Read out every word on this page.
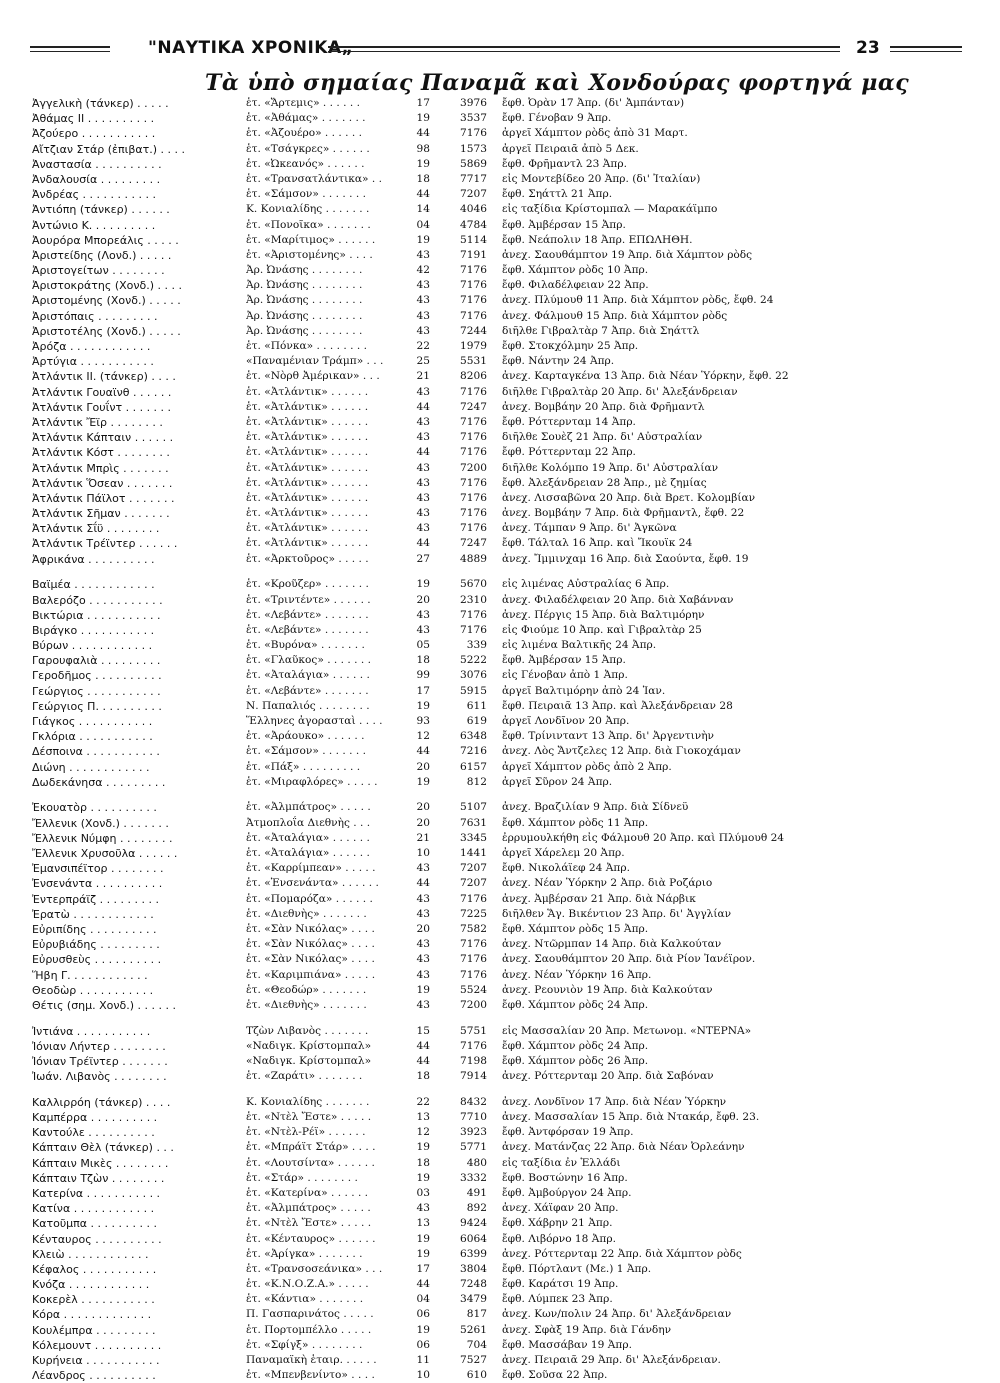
"ΝΑΥΤΙΚΑ ΧΡΟΝΙΚΑ„	23
Τὰ ὑπὸ σημαίας Παναμᾶ καὶ Χονδούρας φορτηγά μας
Ἀγγελικὴ (τάνκερ) . . . . .	ἑτ. «Ἄρτεμις» . . . . . .	17	3976 ἔφθ. Ὀρὰν 17 Ἀπρ. (δι' Ἀμπάνταν)
Ἀθάμας ΙΙ . . . . . . . . . .	ἑτ. «Ἀθάμας» . . . . . . .	19	3537 ἔφθ. Γένοβαν 9 Ἀπρ.
Ἀζούερο . . . . . . . . . . .	ἑτ. «Ἀζουέρο» . . . . . .	44	7176 ἀργεῖ Χάμπτον ρὸδς ἀπὸ 31 Μαρτ.
Αἴτζιαν Στάρ (ἐπιβατ.) . . . .	ἑτ. «Τσάγκρες» . . . . . .	98	1573 ἀργεῖ Πειραιᾶ ἀπὸ 5 Δεκ.
Ἀναστασία . . . . . . . . . .	ἑτ. «Ὠκεανός» . . . . . .	19	5869 ἔφθ. Φρῆμαντλ 23 Ἀπρ.
Ἀνδαλουσία . . . . . . . . .	ἑτ. «Τρανσατλάντικα» . .	18	7717 εἰς Μοντεβίδεο 20 Ἀπρ. (δι' Ἰταλίαν)
Ἀνδρέας . . . . . . . . . . .	ἑτ. «Σάμσον» . . . . . . .	44	7207 ἔφθ. Σηάττλ 21 Ἀπρ.
Ἀντιόπη (τάνκερ) . . . . . .	Κ. Κονιαλίδης . . . . . . .	14	4046 εἰς ταξίδια Κρίστομπαλ — Μαρακάϊμπο
Ἀντώνιο Κ. . . . . . . . . .	ἑτ. «Πονοῖκα» . . . . . . .	04	4784 ἔφθ. Ἀμβέρσαν 15 Ἀπρ.
Ἀουρόρα Μπορεάλις . . . . .	ἑτ. «Μαρίτιμος» . . . . . .	19	5114 ἔφθ. Νεάπολιν 18 Ἀπρ. ΕΠΩΛΗΘΗ.
Ἀριστείδης (Λονδ.) . . . . .	ἑτ. «Ἀριστομένης» . . . .	43	7191 ἀνεχ. Σαουθάμπτον 19 Ἀπρ. διὰ Χάμπτον ρὸδς
Ἀριστογείτων . . . . . . . .	Ἀρ. Ὠνάσης . . . . . . . .	42	7176 ἔφθ. Χάμπτον ρὸδς 10 Ἀπρ.
Ἀριστοκράτης (Χονδ.) . . . .	Ἀρ. Ὠνάσης . . . . . . . .	43	7176 ἔφθ. Φιλαδέλφειαν 22 Ἀπρ.
Ἀριστομένης (Χονδ.) . . . . .	Ἀρ. Ὠνάσης . . . . . . . .	43	7176 ἀνεχ. Πλύμουθ 11 Ἀπρ. διὰ Χάμπτον ρὸδς, ἔφθ. 24
Ἀριστόπαις . . . . . . . . .	Ἀρ. Ὠνάσης . . . . . . . .	43	7176 ἀνεχ. Φάλμουθ 15 Ἀπρ. διὰ Χάμπτον ρὸδς
Ἀριστοτέλης (Χονδ.) . . . . .	Ἀρ. Ὠνάσης . . . . . . . .	43	7244 διῆλθε Γιβραλτὰρ 7 Ἀπρ. διὰ Σηάττλ
Ἀρόζα . . . . . . . . . . . .	ἑτ. «Πόνκα» . . . . . . . .	22	1979 ἔφθ. Στοκχόλμην 25 Ἀπρ.
Ἀρτύγια . . . . . . . . . . .	«Παναμένιαν Τράμπ» . . .	25	5531 ἔφθ. Νάντην 24 Ἀπρ.
Ἀτλάντικ ΙΙ. (τάνκερ) . . . .	ἑτ. «Νὸρθ Ἀμέρικαν» . . .	21	8206 ἀνεχ. Καρταγκένα 13 Ἀπρ. διὰ Νέαν Ὑόρκην, ἔφθ. 22
Ἀτλάντικ Γουαϊνθ . . . . . .	ἑτ. «Ἀτλάντικ» . . . . . .	43	7176 διῆλθε Γιβραλτὰρ 20 Ἀπρ. δι' Ἀλεξάνδρειαν
Ἀτλάντικ Γουΐντ . . . . . . .	ἑτ. «Ἀτλάντικ» . . . . . .	44	7247 ἀνεχ. Βομβάην 20 Ἀπρ. διὰ Φρῆμαντλ
Ἀτλάντικ Ἔϊρ . . . . . . . .	ἑτ. «Ἀτλάντικ» . . . . . .	43	7176 ἔφθ. Ρόττερνταμ 14 Ἀπρ.
Ἀτλάντικ Κάπταιν . . . . . .	ἑτ. «Ἀτλάντικ» . . . . . .	43	7176 διῆλθε Σουὲζ 21 Ἀπρ. δι' Αὐστραλίαν
Ἀτλάντικ Κόστ . . . . . . . .	ἑτ. «Ἀτλάντικ» . . . . . .	44	7176 ἔφθ. Ρόττερνταμ 22 Ἀπρ.
Ἀτλάντικ Μπρὶς . . . . . . .	ἑτ. «Ἀτλάντικ» . . . . . .	43	7200 διῆλθε Κολόμπο 19 Ἀπρ. δι' Αὐστραλίαν
Ἀτλάντικ Ὅσεαν . . . . . . .	ἑτ. «Ἀτλάντικ» . . . . . .	43	7176 ἔφθ. Ἀλεξάνδρειαν 28 Ἀπρ., μὲ ζημίας
Ἀτλάντικ Πάϊλοτ . . . . . . .	ἑτ. «Ἀτλάντικ» . . . . . .	43	7176 ἀνεχ. Λισσαβῶνα 20 Ἀπρ. διὰ Βρετ. Κολομβίαν
Ἀτλάντικ Σῆμαν . . . . . . .	ἑτ. «Ἀτλάντικ» . . . . . .	43	7176 ἀνεχ. Βομβάην 7 Ἀπρ. διὰ Φρῆμαντλ, ἔφθ. 22
Ἀτλάντικ Σΐϋ . . . . . . . .	ἑτ. «Ἀτλάντικ» . . . . . .	43	7176 ἀνεχ. Τάμπαν 9 Ἀπρ. δι' Ἀγκῶνα
Ἀτλάντικ Τρέϊντερ . . . . . .	ἑτ. «Ἀτλάντικ» . . . . . .	44	7247 ἔφθ. Τάλταλ 16 Ἀπρ. καὶ Ἴκουϊκ 24
Ἀφρικάνα . . . . . . . . . .	ἑτ. «Ἀρκτοῦρος» . . . . .	27	4889 ἀνεχ. Ἴμμινχαμ 16 Ἀπρ. διὰ Σαούντα, ἔφθ. 19
Βαϊμέα . . . . . . . . . . . .	ἑτ. «Κροῦζερ» . . . . . . .	19	5670 εἰς λιμένας Αὐστραλίας 6 Ἀπρ.
Βαλερόζο . . . . . . . . . . .	ἑτ. «Τριντέντε» . . . . . .	20	2310 ἀνεχ. Φιλαδέλφειαν 20 Ἀπρ. διὰ Χαβάνναν
Βικτώρια . . . . . . . . . . .	ἑτ. «Λεβάντε» . . . . . . .	43	7176 ἀνεχ. Πέργις 15 Ἀπρ. διὰ Βαλτιμόρην
Βιράγκο . . . . . . . . . . .	ἑτ. «Λεβάντε» . . . . . . .	43	7176 εἰς Φιούμε 10 Ἀπρ. καὶ Γιβραλτὰρ 25
Βύρων . . . . . . . . . . . .	ἑτ. «Βυρόνα» . . . . . . .	05	339 εἰς λιμένα Βαλτικῆς 24 Ἀπρ.
Γαρουφαλιὰ . . . . . . . . .	ἑτ. «Γλαῦκος» . . . . . . .	18	5222 ἔφθ. Ἀμβέρσαν 15 Ἀπρ.
Γεροδῆμος . . . . . . . . . .	ἑτ. «Ἀταλάγια» . . . . . .	99	3076 εἰς Γένοβαν ἀπὸ 1 Ἀπρ.
Γεώργιος . . . . . . . . . . .	ἑτ. «Λεβάντε» . . . . . . .	17	5915 ἀργεῖ Βαλτιμόρην ἀπὸ 24 Ἰαν.
Γεώργιος Π. . . . . . . . . .	Ν. Παπαλιός . . . . . . . .	19	611 ἔφθ. Πειραιᾶ 13 Ἀπρ. καὶ Ἀλεξάνδρειαν 28
Γιάγκος . . . . . . . . . . .	Ἕλληνες ἀγορασταὶ . . . .	93	619 ἀργεῖ Λονδῖνον 20 Ἀπρ.
Γκλόρια . . . . . . . . . . .	ἑτ. «Ἀράουκο» . . . . . .	12	6348 ἔφθ. Τρίνινταντ 13 Ἀπρ. δι' Ἀργεντινὴν
Δέσποινα . . . . . . . . . . .	ἑτ. «Σάμσον» . . . . . . .	44	7216 ἀνεχ. Λὸς Ἄντζελες 12 Ἀπρ. διὰ Γιοκοχάμαν
Διώνη . . . . . . . . . . . .	ἑτ. «Πάξ» . . . . . . . . .	20	6157 ἀργεῖ Χάμπτον ρὸδς ἀπὸ 2 Ἀπρ.
Δωδεκάνησα . . . . . . . . .	ἑτ. «Μιραφλόρες» . . . . .	19	812 ἀργεῖ Σῦρον 24 Ἀπρ.
Ἐκουατὸρ . . . . . . . . . .	ἑτ. «Ἀλμπάτρος» . . . . .	20	5107 ἀνεχ. Βραζιλίαν 9 Ἀπρ. διὰ Σίδνεϋ
Ἔλλενικ (Χονδ.) . . . . . . .	Ἀτμοπλοΐα Διεθνὴς . . .	20	7631 ἔφθ. Χάμπτον ρὸδς 11 Ἀπρ.
Ἔλλενικ Νύμφη . . . . . . . .	ἑτ. «Ἀταλάγια» . . . . . .	21	3345 ἐρρυμουλκήθη εἰς Φάλμουθ 20 Ἀπρ. καὶ Πλύμουθ 24
Ἔλλενικ Χρυσοῦλα . . . . . .	ἑτ. «Ἀταλάγια» . . . . . .	10	1441 ἀργεῖ Χάρελεμ 20 Ἀπρ.
Ἐμανσιπέϊτορ . . . . . . . .	ἑτ. «Καρρίμπεαν» . . . . .	43	7207 ἔφθ. Νικολάϊεφ 24 Ἀπρ.
Ἐνσενάντα . . . . . . . . . .	ἑτ. «Ἐνσενάντα» . . . . . .	44	7207 ἀνεχ. Νέαν Ὑόρκην 2 Ἀπρ. διὰ Ροζάριο
Ἐντερπράϊζ . . . . . . . . .	ἑτ. «Πομαρόζα» . . . . . .	43	7176 ἀνεχ. Ἀμβέρσαν 21 Ἀπρ. διὰ Νάρβικ
Ἐρατὼ . . . . . . . . . . . .	ἑτ. «Διεθνὴς» . . . . . . .	43	7225 διῆλθεν Ἅγ. Βικέντιον 23 Ἀπρ. δι' Ἀγγλίαν
Εὐριπίδης . . . . . . . . . .	ἑτ. «Σὰν Νικόλας» . . . .	20	7582 ἔφθ. Χάμπτον ρὸδς 15 Ἀπρ.
Εὐρυβιάδης . . . . . . . . .	ἑτ. «Σὰν Νικόλας» . . . .	43	7176 ἀνεχ. Ντῶρμπαν 14 Ἀπρ. διὰ Καλκούταν
Εὐρυσθεὺς . . . . . . . . . .	ἑτ. «Σὰν Νικόλας» . . . .	43	7176 ἀνεχ. Σαουθάμπτον 20 Ἀπρ. διὰ Ρίον Ἰανέϊρον.
Ἥβη Γ. . . . . . . . . . . .	ἑτ. «Καριμπιάνα» . . . . .	43	7176 ἀνεχ. Νέαν Ὑόρκην 16 Ἀπρ.
Θεοδὼρ . . . . . . . . . . .	ἑτ. «Θεοδώρ» . . . . . . .	19	5524 ἀνεχ. Ρεουνιὸν 19 Ἀπρ. διὰ Καλκούταν
Θέτις (σημ. Χονδ.) . . . . . .	ἑτ. «Διεθνὴς» . . . . . . .	43	7200 ἔφθ. Χάμπτον ρὸδς 24 Ἀπρ.
Ἰντιάνα . . . . . . . . . . .	Τζὼν Λιβανὸς . . . . . . .	15	5751 εἰς Μασσαλίαν 20 Ἀπρ. Μετωνομ. «ΝΤΕΡΝΑ»
Ἰόνιαν Λήντερ . . . . . . . .	«Ναδιγκ. Κρίστομπαλ»	44	7176 ἔφθ. Χάμπτον ρὸδς 24 Ἀπρ.
Ἰόνιαν Τρέϊντερ . . . . . . .	«Ναδιγκ. Κρίστομπαλ»	44	7198 ἔφθ. Χάμπτον ρὸδς 26 Ἀπρ.
Ἰωάν. Λιβανὸς . . . . . . . .	ἑτ. «Ζαράτι» . . . . . . .	18	7914 ἀνεχ. Ρόττερνταμ 20 Ἀπρ. διὰ Σαβόναν
Καλλιρρόη (τάνκερ) . . . .	Κ. Κονιαλίδης . . . . . . .	22	8432 ἀνεχ. Λονδῖνον 17 Ἀπρ. διὰ Νέαν Ὑόρκην
Καμπέρρα . . . . . . . . . .	ἑτ. «Ντὲλ Ἔστε» . . . . .	13	7710 ἀνεχ. Μασσαλίαν 15 Ἀπρ. διὰ Ντακάρ, ἔφθ. 23.
Καντούλε . . . . . . . . . .	ἑτ. «Ντὲλ-Ρέϊ» . . . . . .	12	3923 ἔφθ. Ἀντφόρσαν 19 Ἀπρ.
Κάπταιν Θὲλ (τάνκερ) . . .	ἑτ. «Μπράϊτ Στάρ» . . . .	19	5771 ἀνεχ. Ματάνζας 22 Ἀπρ. διὰ Νέαν Ὀρλεάνην
Κάπταιν Μικὲς . . . . . . . .	ἑτ. «Λουτσίντα» . . . . . .	18	480 εἰς ταξίδια ἐν Ἑλλάδι
Κάπταιν Τζὼν . . . . . . . .	ἑτ. «Στάρ» . . . . . . . .	19	3332 ἔφθ. Βοστώνην 16 Ἀπρ.
Κατερίνα . . . . . . . . . . .	ἑτ. «Κατερίνα» . . . . . .	03	491 ἔφθ. Ἀμβούργον 24 Ἀπρ.
Κατίνα . . . . . . . . . . . .	ἑτ. «Ἀλμπάτρος» . . . . .	43	892 ἀνεχ. Χάϊφαν 20 Ἀπρ.
Κατοῦμπα . . . . . . . . . .	ἑτ. «Ντὲλ Ἔστε» . . . . .	13	9424 ἔφθ. Χάβρην 21 Ἀπρ.
Κένταυρος . . . . . . . . . .	ἑτ. «Κένταυρος» . . . . . .	19	6064 ἔφθ. Λιβόρνο 18 Ἀπρ.
Κλειὼ . . . . . . . . . . . .	ἑτ. «Ἀρίγκα» . . . . . . .	19	6399 ἀνεχ. Ρόττερνταμ 22 Ἀπρ. διὰ Χάμπτον ρὸδς
Κέφαλος . . . . . . . . . . .	ἑτ. «Τρανσοσεάνικα» . . .	17	3804 ἔφθ. Πόρτλαντ (Με.) 1 Ἀπρ.
Κνόζα . . . . . . . . . . . .	ἑτ. «Κ.Ν.Ο.Ζ.Α.» . . . . .	44	7248 ἔφθ. Καράτσι 19 Ἀπρ.
Κοκερὲλ . . . . . . . . . . .	ἑτ. «Κάντια» . . . . . . .	04	3479 ἔφθ. Λύμπεκ 23 Ἀπρ.
Κόρα . . . . . . . . . . . . .	Π. Γασπαρινάτος . . . . .	06	817 ἀνεχ. Κων/πολιν 24 Ἀπρ. δι' Ἀλεξάνδρειαν
Κουλέμπρα . . . . . . . . .	ἑτ. Πορτομπέλλο . . . . .	19	5261 ἀνεχ. Σφὰξ 19 Ἀπρ. διὰ Γάνδην
Κόλεμουντ . . . . . . . . . .	ἑτ. «Σφίγξ» . . . . . . . .	06	704 ἔφθ. Μασσάβαν 19 Ἀπρ.
Κυρήνεια . . . . . . . . . . .	Παναμαϊκὴ ἑταιρ. . . . . .	11	7527 ἀνεχ. Πειραιᾶ 29 Ἀπρ. δι' Ἀλεξάνδρειαν.
Λέανδρος . . . . . . . . . .	ἑτ. «Μπενβενίντο» . . . .	10	610 ἔφθ. Σοῦσα 22 Ἀπρ.
